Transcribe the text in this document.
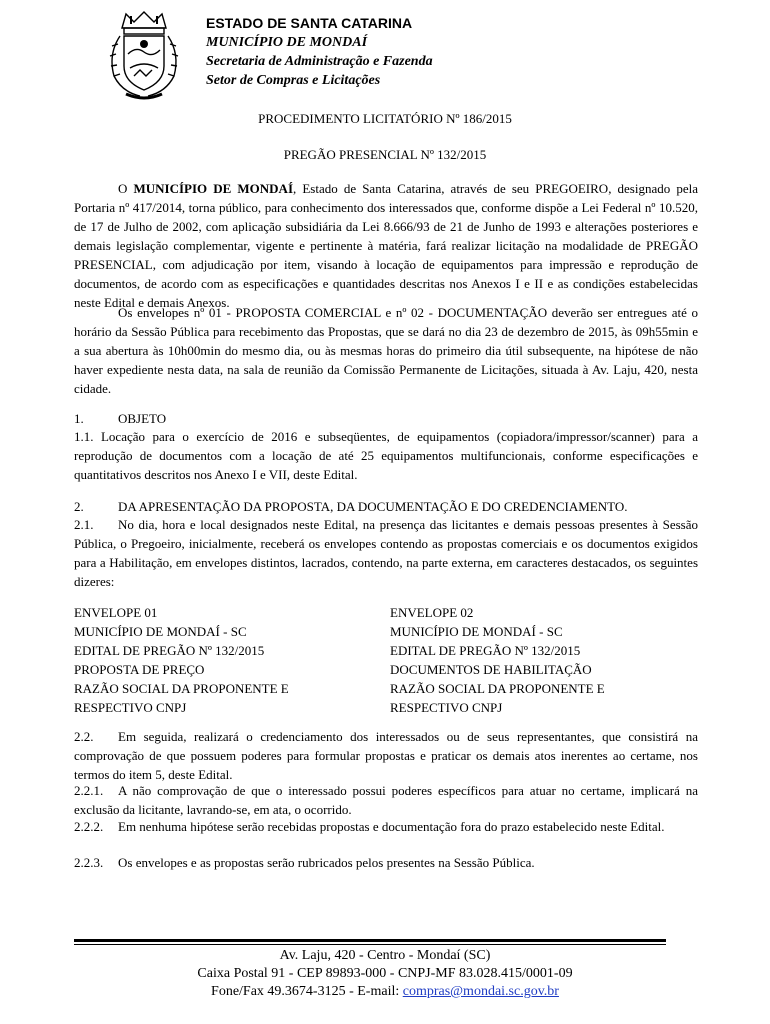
ESTADO DE SANTA CATARINA
MUNICÍPIO DE MONDAÍ
Secretaria de Administração e Fazenda
Setor de Compras e Licitações
PROCEDIMENTO LICITATÓRIO Nº 186/2015
PREGÃO PRESENCIAL Nº 132/2015
O MUNICÍPIO DE MONDAÍ, Estado de Santa Catarina, através de seu PREGOEIRO, designado pela Portaria nº 417/2014, torna público, para conhecimento dos interessados que, conforme dispõe a Lei Federal nº 10.520, de 17 de Julho de 2002, com aplicação subsidiária da Lei 8.666/93 de 21 de Junho de 1993 e alterações posteriores e demais legislação complementar, vigente e pertinente à matéria, fará realizar licitação na modalidade de PREGÃO PRESENCIAL, com adjudicação por item, visando à locação de equipamentos para impressão e reprodução de documentos, de acordo com as especificações e quantidades descritas nos Anexos I e II e as condições estabelecidas neste Edital e demais Anexos.
Os envelopes nº 01 - PROPOSTA COMERCIAL e nº 02 - DOCUMENTAÇÃO deverão ser entregues até o horário da Sessão Pública para recebimento das Propostas, que se dará no dia 23 de dezembro de 2015, às 09h55min e a sua abertura às 10h00min do mesmo dia, ou às mesmas horas do primeiro dia útil subsequente, na hipótese de não haver expediente nesta data, na sala de reunião da Comissão Permanente de Licitações, situada à Av. Laju, 420, nesta cidade.
1.	OBJETO
1.1. Locação para o exercício de 2016 e subseqüentes, de equipamentos (copiadora/impressor/scanner) para a reprodução de documentos com a locação de até 25 equipamentos multifuncionais, conforme especificações e quantitativos descritos nos Anexo I e VII, deste Edital.
2.	DA APRESENTAÇÃO DA PROPOSTA, DA DOCUMENTAÇÃO E DO CREDENCIAMENTO.
2.1. No dia, hora e local designados neste Edital, na presença das licitantes e demais pessoas presentes à Sessão Pública, o Pregoeiro, inicialmente, receberá os envelopes contendo as propostas comerciais e os documentos exigidos para a Habilitação, em envelopes distintos, lacrados, contendo, na parte externa, em caracteres destacados, os seguintes dizeres:
ENVELOPE 01
MUNICÍPIO DE MONDAÍ - SC
EDITAL DE PREGÃO Nº 132/2015
PROPOSTA DE PREÇO
RAZÃO SOCIAL DA PROPONENTE E
RESPECTIVO CNPJ
ENVELOPE 02
MUNICÍPIO DE MONDAÍ - SC
EDITAL DE PREGÃO Nº 132/2015
DOCUMENTOS DE HABILITAÇÃO
RAZÃO SOCIAL DA PROPONENTE E
RESPECTIVO CNPJ
2.2. Em seguida, realizará o credenciamento dos interessados ou de seus representantes, que consistirá na comprovação de que possuem poderes para formular propostas e praticar os demais atos inerentes ao certame, nos termos do item 5, deste Edital.
2.2.1. A não comprovação de que o interessado possui poderes específicos para atuar no certame, implicará na exclusão da licitante, lavrando-se, em ata, o ocorrido.
2.2.2. Em nenhuma hipótese serão recebidas propostas e documentação fora do prazo estabelecido neste Edital.
2.2.3. Os envelopes e as propostas serão rubricados pelos presentes na Sessão Pública.
Av. Laju, 420 - Centro - Mondaí (SC)
Caixa Postal 91 - CEP 89893-000 - CNPJ-MF 83.028.415/0001-09
Fone/Fax 49.3674-3125 - E-mail: compras@mondai.sc.gov.br
